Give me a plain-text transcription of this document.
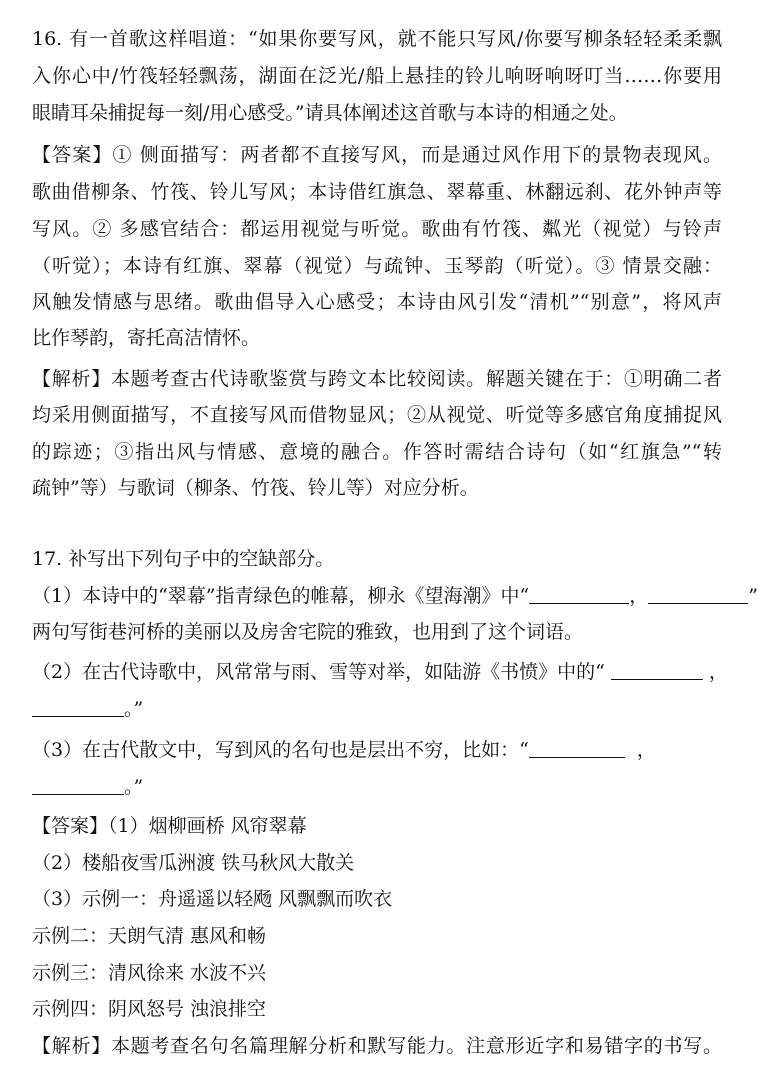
16. 有一首歌这样唱道：“如果你要写风，就不能只写风/你要写柳条轻轻柔柔飘
入你心中/竹筏轻轻飘荡，湖面在泛光/船上悬挂的铃儿响呀响呀叮当……你要用
眼睛耳朵捕捉每一刻/用心感受。”请具体阐述这首歌与本诗的相通之处。
【答案】① 侧面描写：两者都不直接写风，而是通过风作用下的景物表现风。
歌曲借柳条、竹筏、铃儿写风；本诗借红旗急、翠幕重、林翻远刹、花外钟声等
写风。② 多感官结合：都运用视觉与听觉。歌曲有竹筏、粼光（视觉）与铃声
（听觉）；本诗有红旗、翠幕（视觉）与疏钟、玉琴韵（听觉）。③ 情景交融：
风触发情感与思绪。歌曲倡导入心感受；本诗由风引发“清机”“别意”，将风声
比作琴韵，寄托高洁情怀。
【解析】本题考查古代诗歌鉴赏与跨文本比较阅读。解题关键在于：①明确二者
均采用侧面描写，不直接写风而借物显风；②从视觉、听觉等多感官角度捕捉风
的踪迹；③指出风与情感、意境的融合。作答时需结合诗句（如“红旗急”“转
疏钟”等）与歌词（柳条、竹筏、铃儿等）对应分析。
17. 补写出下列句子中的空缺部分。
（1）本诗中的“翠幕”指青绿色的帷幕，柳永《望海潮》中“	，	”
两句写街巷河桥的美丽以及房舍宅院的雅致，也用到了这个词语。
（2）在古代诗歌中，风常常与雨、雪等对举，如陆游《书愤》中的“	，
。”
（3）在古代散文中，写到风的名句也是层出不穷，比如：“	，
。”
【答案】（1）烟柳画桥 风帘翠幕
（2）楼船夜雪瓜洲渡 铁马秋风大散关
（3）示例一：舟遥遥以轻飏 风飘飘而吹衣
示例二：天朗气清 惠风和畅
示例三：清风徐来 水波不兴
示例四：阴风怒号 浊浪排空
【解析】本题考查名句名篇理解分析和默写能力。注意形近字和易错字的书写。
